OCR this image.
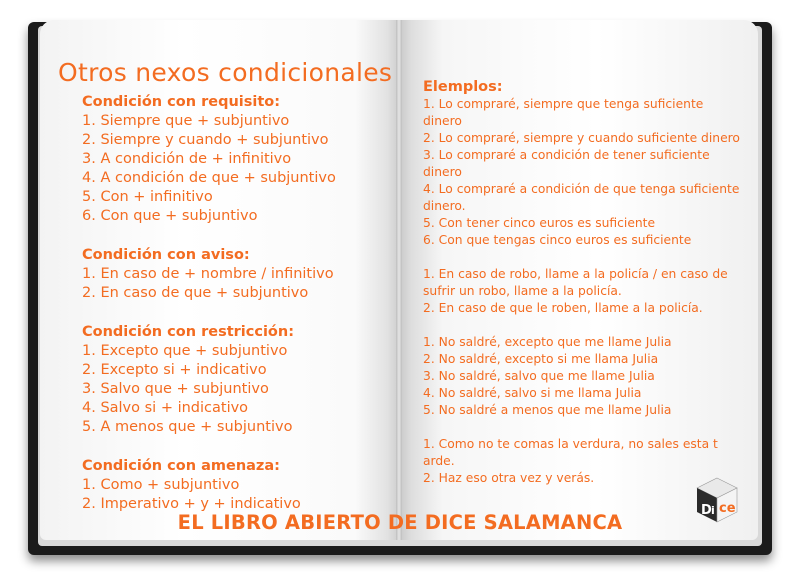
Otros nexos condicionales

Condición con requisito:

1. Siempre que + subjuntivo

2. Siempre y cuando + subjuntivo

3. A condición de + infinitivo

4. A condición de que + subjuntivo

5. Con + infinitivo

6. Con que + subjuntivo

Condición con aviso:

1. En caso de + nombre / infinitivo

2. En caso de que + subjuntivo

Condición con restricción:

1. Excepto que + subjuntivo

2. Excepto si + indicativo

3. Salvo que + subjuntivo

4. Salvo si + indicativo

5. A menos que + subjuntivo

Condición con amenaza:

1. Como + subjuntivo

2. Imperativo + y + indicativo

Elemplos:

1. Lo compraré, siempre que tenga suficiente dinero

2. Lo compraré, siempre y cuando suficiente dinero

3. Lo compraré a condición de tener suficiente dinero

4. Lo compraré a condición de que tenga suficiente dinero.

5. Con tener cinco euros es suficiente

6. Con que tengas cinco euros es suficiente

1. En caso de robo, llame a la policía / en caso de sufrir un robo, llame a la policía.

2. En caso de que le roben, llame a la policía.

1. No saldré, excepto que me llame Julia

2. No saldré, excepto si me llama Julia

3. No saldré, salvo que me llame Julia

4. No saldré, salvo si me llama Julia

5. No saldré a menos que me llame Julia

1. Como no te comas la verdura, no sales esta t arde.

2. Haz eso otra vez y verás.

EL LIBRO ABIERTO DE DICE SALAMANCA
D i ce
